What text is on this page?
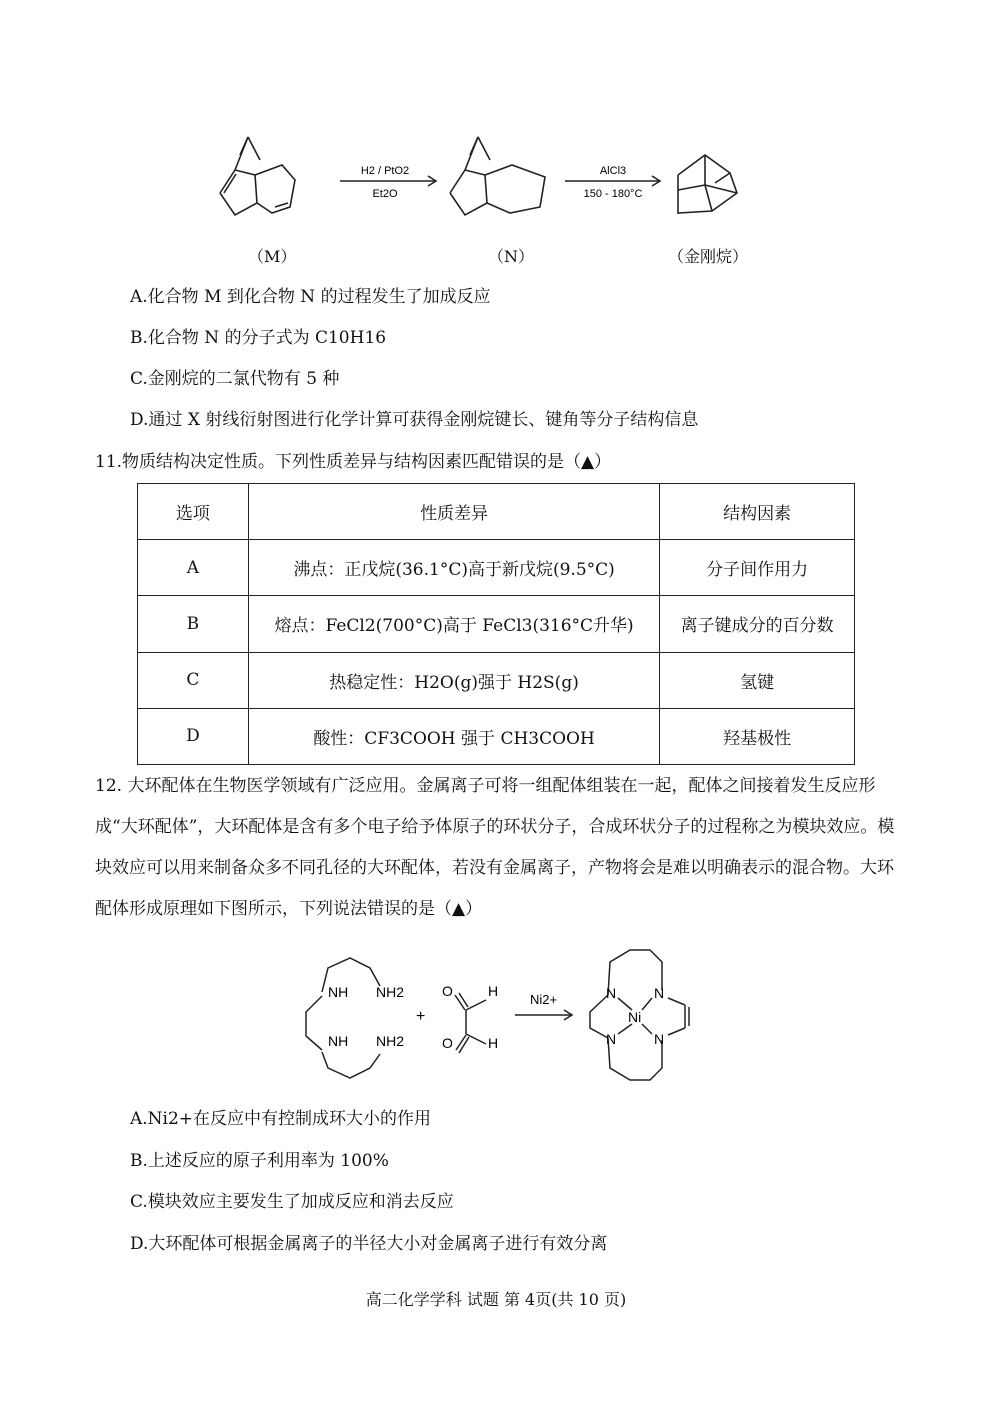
H2 / PtO2
Et2O
AlCl3
150 - 180°C
（M）	（N）	（金刚烷）
A.化合物 M 到化合物 N 的过程发生了加成反应
B.化合物 N 的分子式为 C10H16
C.金刚烷的二氯代物有 5 种
D.通过 X 射线衍射图进行化学计算可获得金刚烷键长、键角等分子结构信息
11.物质结构决定性质。下列性质差异与结构因素匹配错误的是（▲）
选项	性质差异	结构因素
A	沸点：正戊烷(36.1°C)高于新戊烷(9.5°C)	分子间作用力
B	熔点：FeCl2(700°C)高于 FeCl3(316°C升华)	离子键成分的百分数
C	热稳定性：H2O(g)强于 H2S(g)	氢键
D	酸性：CF3COOH 强于 CH3COOH	羟基极性
12. 大环配体在生物医学领域有广泛应用。金属离子可将一组配体组装在一起，配体之间接着发生反应形成“大环配体”，大环配体是含有多个电子给予体原子的环状分子，合成环状分子的过程称之为模块效应。模块效应可以用来制备众多不同孔径的大环配体，若没有金属离子，产物将会是难以明确表示的混合物。大环配体形成原理如下图所示，下列说法错误的是（▲）
NH NH2
NH NH2
+
O	H
O	H
Ni2+	N	N
N	N
Ni
A.Ni2+在反应中有控制成环大小的作用
B.上述反应的原子利用率为 100%
C.模块效应主要发生了加成反应和消去反应
D.大环配体可根据金属离子的半径大小对金属离子进行有效分离
高二化学学科 试题 第 4页(共 10 页)
